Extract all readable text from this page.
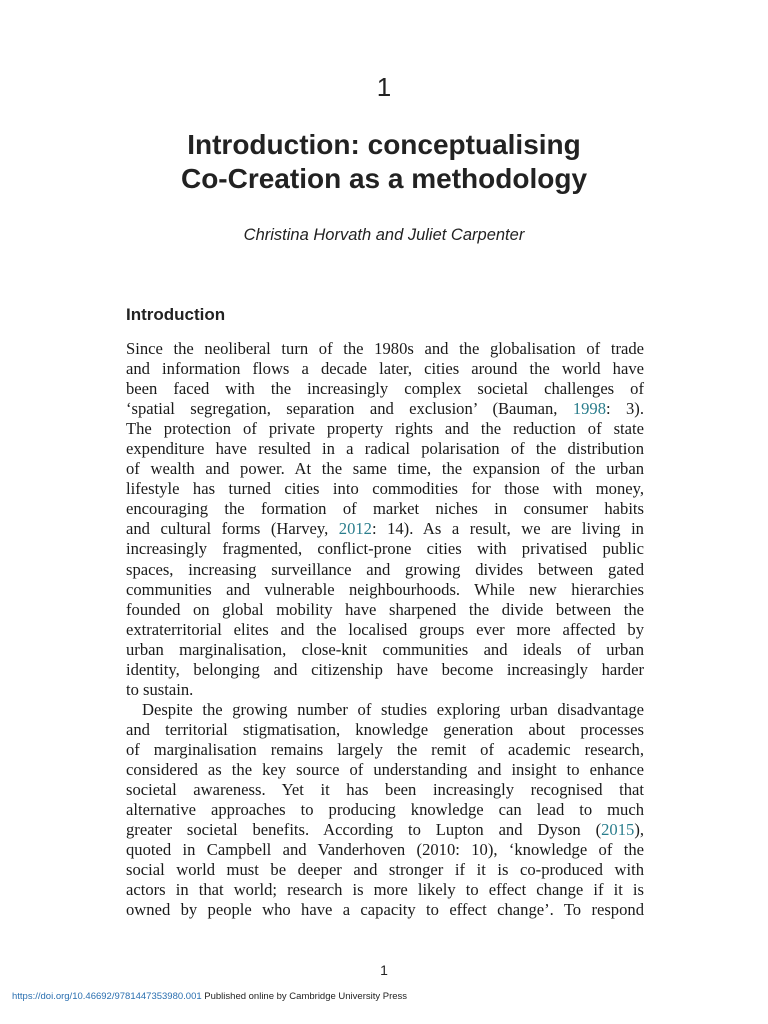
1
Introduction: conceptualising
Co-Creation as a methodology
Christina Horvath and Juliet Carpenter
Introduction
Since the neoliberal turn of the 1980s and the globalisation of trade
and information flows a decade later, cities around the world have
been faced with the increasingly complex societal challenges of
‘spatial segregation, separation and exclusion’ (Bauman, 1998: 3).
The protection of private property rights and the reduction of state
expenditure have resulted in a radical polarisation of the distribution
of wealth and power. At the same time, the expansion of the urban
lifestyle has turned cities into commodities for those with money,
encouraging the formation of market niches in consumer habits
and cultural forms (Harvey, 2012: 14). As a result, we are living in
increasingly fragmented, conflict-prone cities with privatised public
spaces, increasing surveillance and growing divides between gated
communities and vulnerable neighbourhoods. While new hierarchies
founded on global mobility have sharpened the divide between the
extraterritorial elites and the localised groups ever more affected by
urban marginalisation, close-knit communities and ideals of urban
identity, belonging and citizenship have become increasingly harder
to sustain.
Despite the growing number of studies exploring urban disadvantage
and territorial stigmatisation, knowledge generation about processes
of marginalisation remains largely the remit of academic research,
considered as the key source of understanding and insight to enhance
societal awareness. Yet it has been increasingly recognised that
alternative approaches to producing knowledge can lead to much
greater societal benefits. According to Lupton and Dyson (2015),
quoted in Campbell and Vanderhoven (2010: 10), ‘knowledge of the
social world must be deeper and stronger if it is co-produced with
actors in that world; research is more likely to effect change if it is
owned by people who have a capacity to effect change’. To respond
1
https://doi.org/10.46692/9781447353980.001 Published online by Cambridge University Press
